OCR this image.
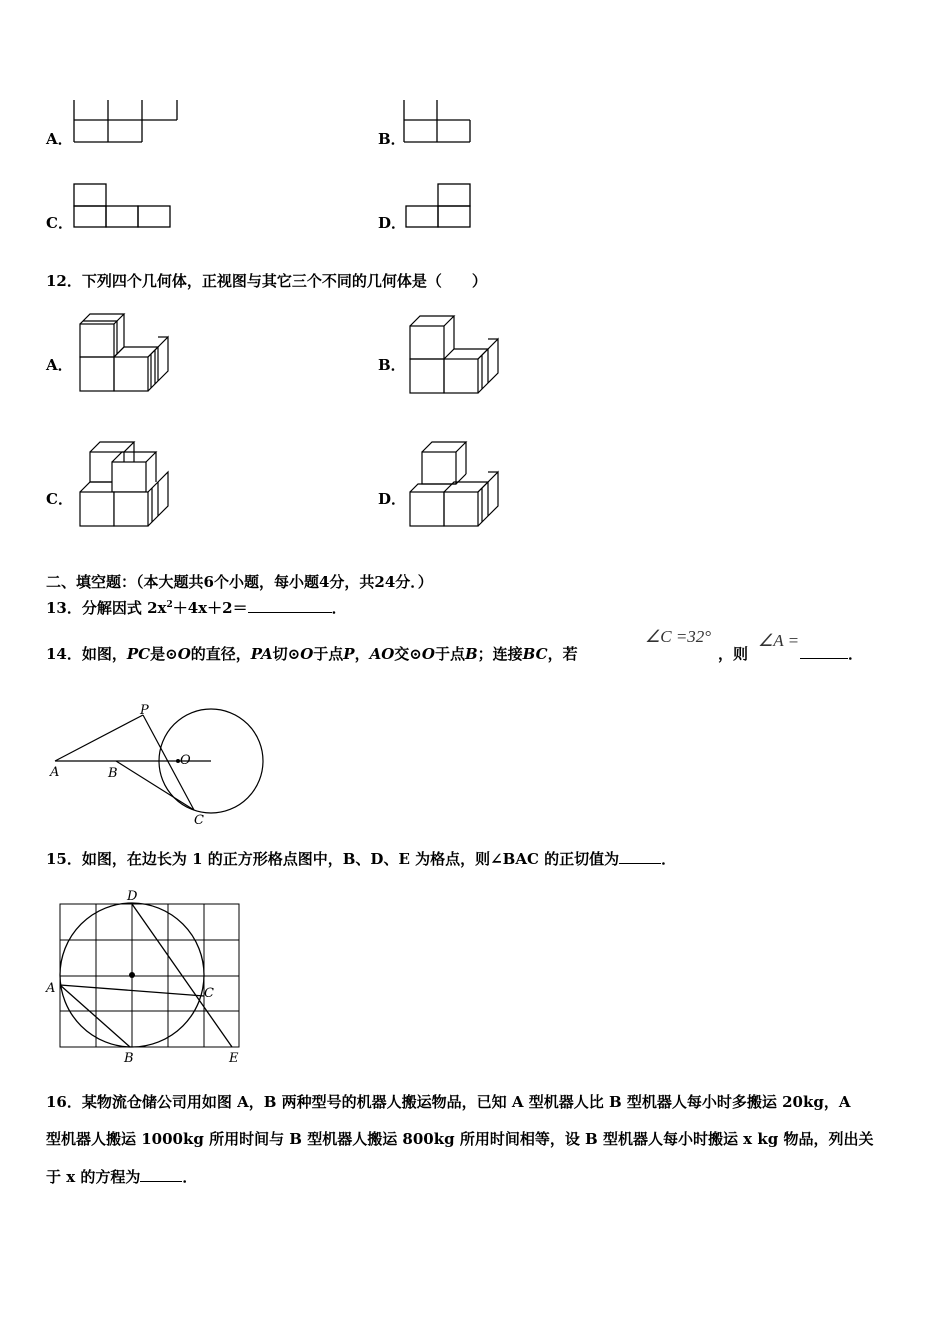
A．	B．
C．	D．
12．下列四个几何体，正视图与其它三个不同的几何体是（　　）
A．	B．
C．	D．
二、填空题：（本大题共6个小题，每小题4分，共24分．）
13．分解因式 $2x^2+4x+2=$	．
14．如图，PC是⊙O的直径，PA切⊙O于点P，AO交⊙O于点B；连接BC，若
∠C =32°
，则
∠A =
．
P
O
A	B
C
15．如图，在边长为 1 的正方形格点图中，B、D、E 为格点，则∠BAC 的正切值为	．
D
A	C
B	E
16．某物流仓储公司用如图 A，B 两种型号的机器人搬运物品，已知 A 型机器人比 B 型机器人每小时多搬运 20kg，A
型机器人搬运 1000kg 所用时间与 B 型机器人搬运 800kg 所用时间相等，设 B 型机器人每小时搬运 x kg 物品，列出关
于 x 的方程为	．
